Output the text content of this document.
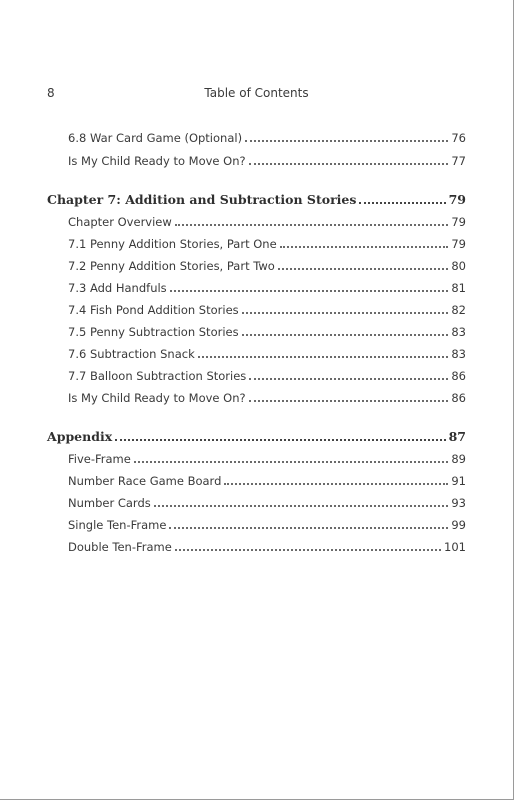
8	Table of Contents
6.8 War Card Game (Optional)	76
Is My Child Ready to Move On?	77
Chapter 7: Addition and Subtraction Stories	79
Chapter Overview	79
7.1 Penny Addition Stories, Part One	79
7.2 Penny Addition Stories, Part Two	80
7.3 Add Handfuls	81
7.4 Fish Pond Addition Stories	82
7.5 Penny Subtraction Stories	83
7.6 Subtraction Snack	83
7.7 Balloon Subtraction Stories	86
Is My Child Ready to Move On?	86
Appendix	87
Five-Frame	89
Number Race Game Board	91
Number Cards	93
Single Ten-Frame	99
Double Ten-Frame	101
